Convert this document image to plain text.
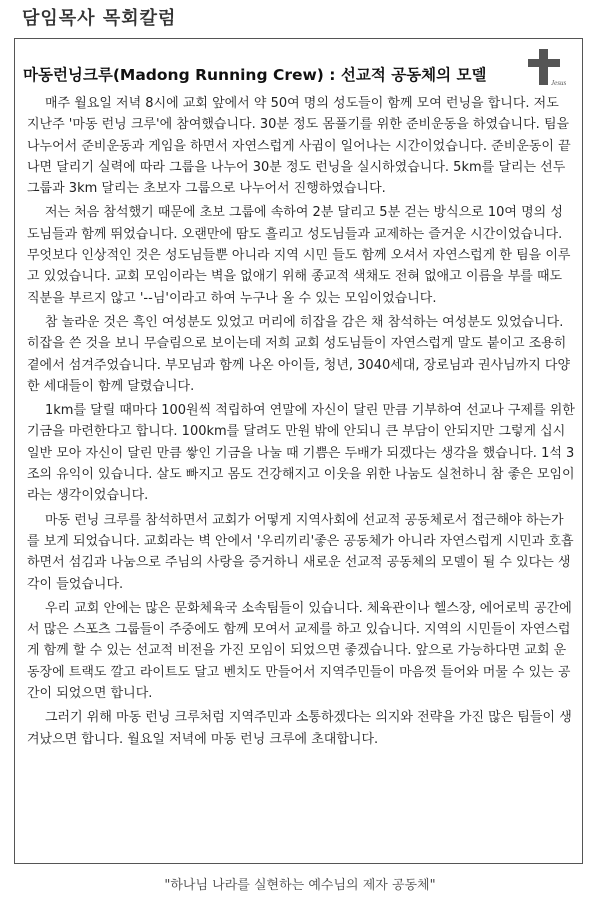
담임목사 목회칼럼
마동런닝크루(Madong Running Crew) : 선교적 공동체의 모델	Jesus

매주 월요일 저녁 8시에 교회 앞에서 약 50여 명의 성도들이 함께 모여 런닝을 합니다. 저도 지난주 '마동 런닝 크루'에 참여했습니다. 30분 정도 몸풀기를 위한 준비운동을 하였습니다. 팀을 나누어서 준비운동과 게임을 하면서 자연스럽게 사귐이 일어나는 시간이었습니다. 준비운동이 끝나면 달리기 실력에 따라 그룹을 나누어 30분 정도 런닝을 실시하였습니다. 5km를 달리는 선두 그룹과 3km 달리는 초보자 그룹으로 나누어서 진행하였습니다.

저는 처음 참석했기 때문에 초보 그룹에 속하여 2분 달리고 5분 걷는 방식으로 10여 명의 성도님들과 함께 뛰었습니다. 오랜만에 땀도 흘리고 성도님들과 교제하는 즐거운 시간이었습니다. 무엇보다 인상적인 것은 성도님들뿐 아니라 지역 시민 들도 함께 오셔서 자연스럽게 한 팀을 이루고 있었습니다. 교회 모임이라는 벽을 없애기 위해 종교적 색채도 전혀 없애고 이름을 부를 때도 직분을 부르지 않고 '--님'이라고 하여 누구나 올 수 있는 모임이었습니다.

참 놀라운 것은 흑인 여성분도 있었고 머리에 히잡을 감은 채 참석하는 여성분도 있었습니다. 히잡을 쓴 것을 보니 무슬림으로 보이는데 저희 교회 성도님들이 자연스럽게 말도 붙이고 조용히 곁에서 섬겨주었습니다. 부모님과 함께 나온 아이들, 청년, 3040세대, 장로님과 권사님까지 다양한 세대들이 함께 달렸습니다.

1km를 달릴 때마다 100원씩 적립하여 연말에 자신이 달린 만큼 기부하여 선교나 구제를 위한 기금을 마련한다고 합니다. 100km를 달려도 만원 밖에 안되니 큰 부담이 안되지만 그렇게 십시일반 모아 자신이 달린 만큼 쌓인 기금을 나눌 때 기쁨은 두배가 되겠다는 생각을 했습니다. 1석 3조의 유익이 있습니다. 살도 빠지고 몸도 건강해지고 이웃을 위한 나눔도 실천하니 참 좋은 모임이라는 생각이었습니다.

마동 런닝 크루를 참석하면서 교회가 어떻게 지역사회에 선교적 공동체로서 접근해야 하는가를 보게 되었습니다. 교회라는 벽 안에서 '우리끼리'좋은 공동체가 아니라 자연스럽게 시민과 호흡하면서 섬김과 나눔으로 주님의 사랑을 증거하니 새로운 선교적 공동체의 모델이 될 수 있다는 생각이 들었습니다.

우리 교회 안에는 많은 문화체육국 소속팀들이 있습니다. 체육관이나 헬스장, 에어로빅 공간에서 많은 스포츠 그룹들이 주중에도 함께 모여서 교제를 하고 있습니다. 지역의 시민들이 자연스럽게 함께 할 수 있는 선교적 비전을 가진 모임이 되었으면 좋겠습니다. 앞으로 가능하다면 교회 운동장에 트랙도 깔고 라이트도 달고 벤치도 만들어서 지역주민들이 마음껏 들어와 머물 수 있는 공간이 되었으면 합니다.

그러기 위해 마동 런닝 크루처럼 지역주민과 소통하겠다는 의지와 전략을 가진 많은 팀들이 생겨났으면 합니다. 월요일 저녁에 마동 런닝 크루에 초대합니다.

"하나님 나라를 실현하는 예수님의 제자 공동체"
